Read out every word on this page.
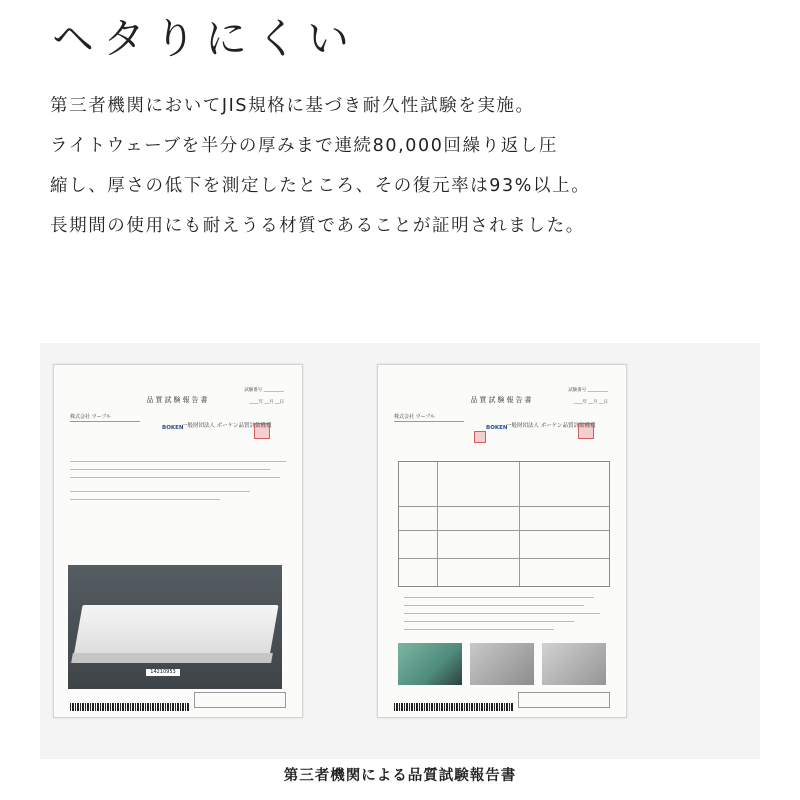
ヘタりにくい

第三者機関においてJIS規格に基づき耐久性試験を実施。
ライトウェーブを半分の厚みまで連続80,000回繰り返し圧
縮し、厚さの低下を測定したところ、その復元率は93%以上。
長期間の使用にも耐えうる材質であることが証明されました。

試験番号 _________
品質試験報告書	____年 __月 __日
株式会社 ウーブル
BOKEN
一般財団法人 ボーケン品質評価機構
14210953
試験番号 _________
品質試験報告書	____年 __月 __日
株式会社 ウーブル
BOKEN
一般財団法人 ボーケン品質評価機構
第三者機関による品質試験報告書
